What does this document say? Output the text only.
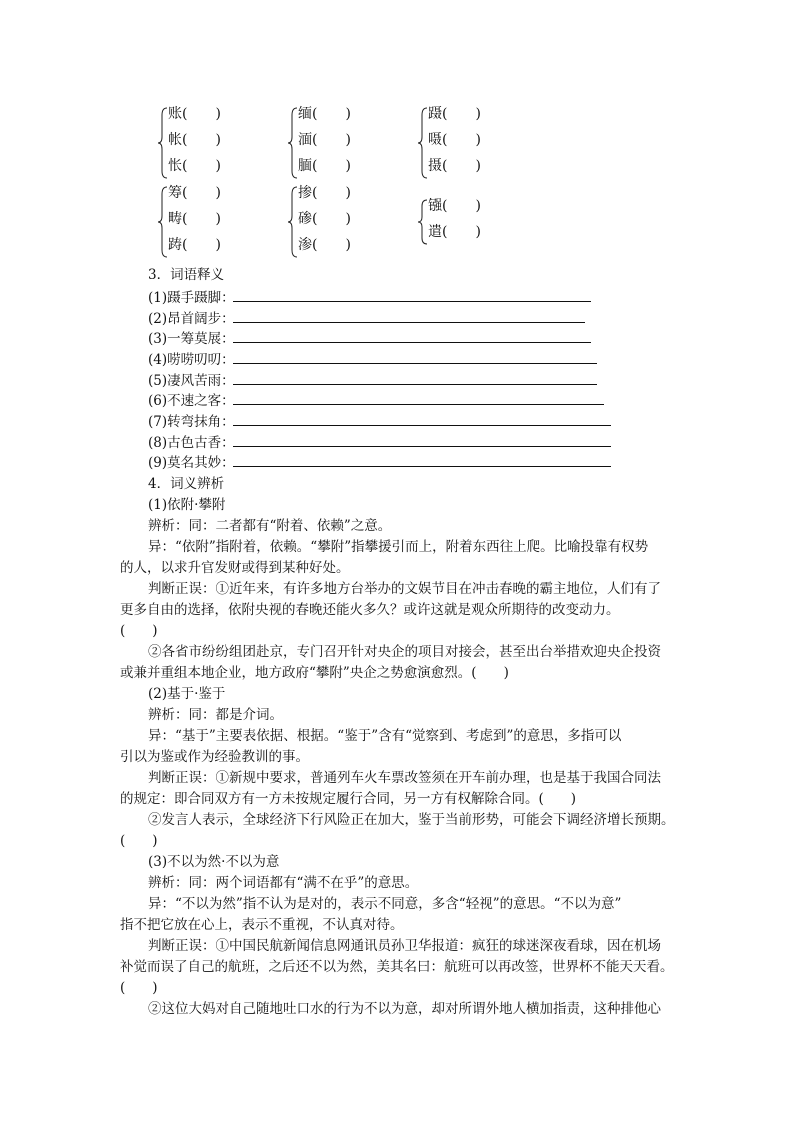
账(　　)
帐(　　)
怅(　　)
缅(　　)
湎(　　)
腼(　　)
蹑(　　)
嗫(　　)
摄(　　)
筹(　　)
畴(　　)
踌(　　)
掺(　　)
碜(　　)
渗(　　)
镪(　　)
遣(　　)
3．词语释义
(1)蹑手蹑脚：
(2)昂首阔步：
(3)一筹莫展：
(4)唠唠叨叨：
(5)凄风苦雨：
(6)不速之客：
(7)转弯抹角：
(8)古色古香：
(9)莫名其妙：
4．词义辨析
(1)依附·攀附
辨析：同：二者都有“附着、依赖”之意。
异：“依附”指附着，依赖。“攀附”指攀援引而上，附着东西往上爬。比喻投靠有权势
的人，以求升官发财或得到某种好处。
判断正误：①近年来，有许多地方台举办的文娱节目在冲击春晚的霸主地位，人们有了
更多自由的选择，依附央视的春晚还能火多久？或许这就是观众所期待的改变动力。
(　　)
②各省市纷纷组团赴京，专门召开针对央企的项目对接会，甚至出台举措欢迎央企投资
或兼并重组本地企业，地方政府“攀附”央企之势愈演愈烈。(　　)
(2)基于·鉴于
辨析：同：都是介词。
异：“基于”主要表依据、根据。“鉴于”含有“觉察到、考虑到”的意思，多指可以
引以为鉴或作为经验教训的事。
判断正误：①新规中要求，普通列车火车票改签须在开车前办理，也是基于我国合同法
的规定：即合同双方有一方未按规定履行合同，另一方有权解除合同。(　　)
②发言人表示，全球经济下行风险正在加大，鉴于当前形势，可能会下调经济增长预期。
(　　)
(3)不以为然·不以为意
辨析：同：两个词语都有“满不在乎”的意思。
异：“不以为然”指不认为是对的，表示不同意，多含“轻视”的意思。“不以为意”
指不把它放在心上，表示不重视，不认真对待。
判断正误：①中国民航新闻信息网通讯员孙卫华报道：疯狂的球迷深夜看球，因在机场
补觉而误了自己的航班，之后还不以为然，美其名曰：航班可以再改签，世界杯不能天天看。
(　　)
②这位大妈对自己随地吐口水的行为不以为意，却对所谓外地人横加指责，这种排他心
